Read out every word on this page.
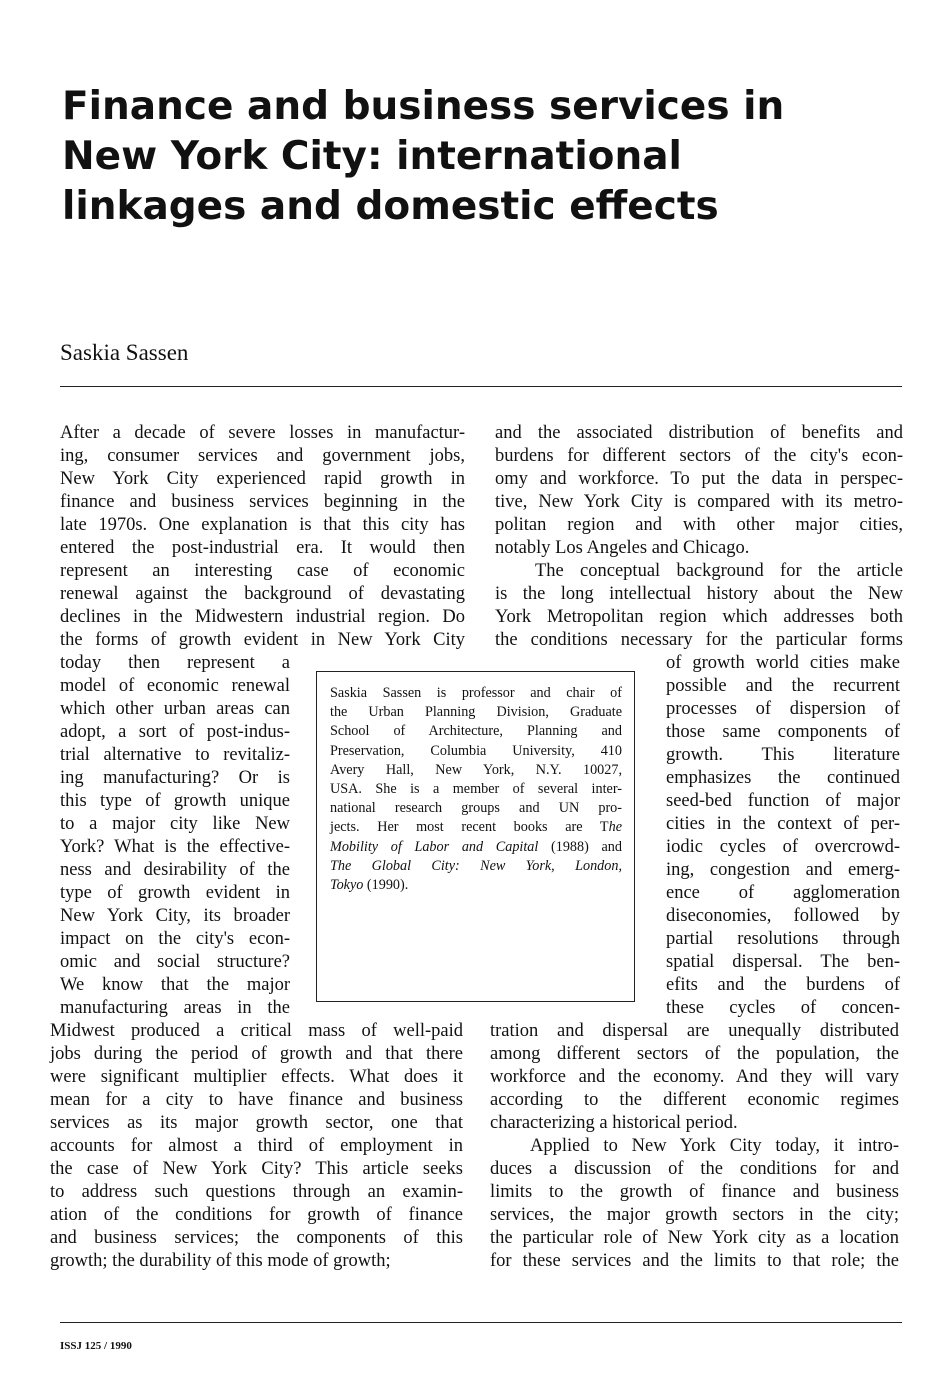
Finance and business services in
New York City: international
linkages and domestic effects
Saskia Sassen
After a decade of severe losses in manufactur-
ing, consumer services and government jobs,
New York City experienced rapid growth in
finance and business services beginning in the
late 1970s. One explanation is that this city has
entered the post-industrial era. It would then
represent an interesting case of economic
renewal against the background of devastating
declines in the Midwestern industrial region. Do
the forms of growth evident in New York City
today then represent a
model of economic renewal
which other urban areas can
adopt, a sort of post-indus-
trial alternative to revitaliz-
ing manufacturing? Or is
this type of growth unique
to a major city like New
York? What is the effective-
ness and desirability of the
type of growth evident in
New York City, its broader
impact on the city's econ-
omic and social structure?
We know that the major
manufacturing areas in the
Midwest produced a critical mass of well-paid
jobs during the period of growth and that there
were significant multiplier effects. What does it
mean for a city to have finance and business
services as its major growth sector, one that
accounts for almost a third of employment in
the case of New York City? This article seeks
to address such questions through an examin-
ation of the conditions for growth of finance
and business services; the components of this
growth; the durability of this mode of growth;
and the associated distribution of benefits and
burdens for different sectors of the city's econ-
omy and workforce. To put the data in perspec-
tive, New York City is compared with its metro-
politan region and with other major cities,
notably Los Angeles and Chicago.
The conceptual background for the article
is the long intellectual history about the New
York Metropolitan region which addresses both
the conditions necessary for the particular forms
of growth world cities make
possible and the recurrent
processes of dispersion of
those same components of
growth. This literature
emphasizes the continued
seed-bed function of major
cities in the context of per-
iodic cycles of overcrowd-
ing, congestion and emerg-
ence of agglomeration
diseconomies, followed by
partial resolutions through
spatial dispersal. The ben-
efits and the burdens of
these cycles of concen-
tration and dispersal are unequally distributed
among different sectors of the population, the
workforce and the economy. And they will vary
according to the different economic regimes
characterizing a historical period.
Applied to New York City today, it intro-
duces a discussion of the conditions for and
limits to the growth of finance and business
services, the major growth sectors in the city;
the particular role of New York city as a location
for these services and the limits to that role; the
Saskia Sassen is professor and chair of
the Urban Planning Division, Graduate
School of Architecture, Planning and
Preservation, Columbia University, 410
Avery Hall, New York, N.Y. 10027,
USA. She is a member of several inter-
national research groups and UN pro-
jects. Her most recent books are The
Mobility of Labor and Capital (1988) and
The Global City: New York, London,
Tokyo (1990).
ISSJ 125 / 1990
